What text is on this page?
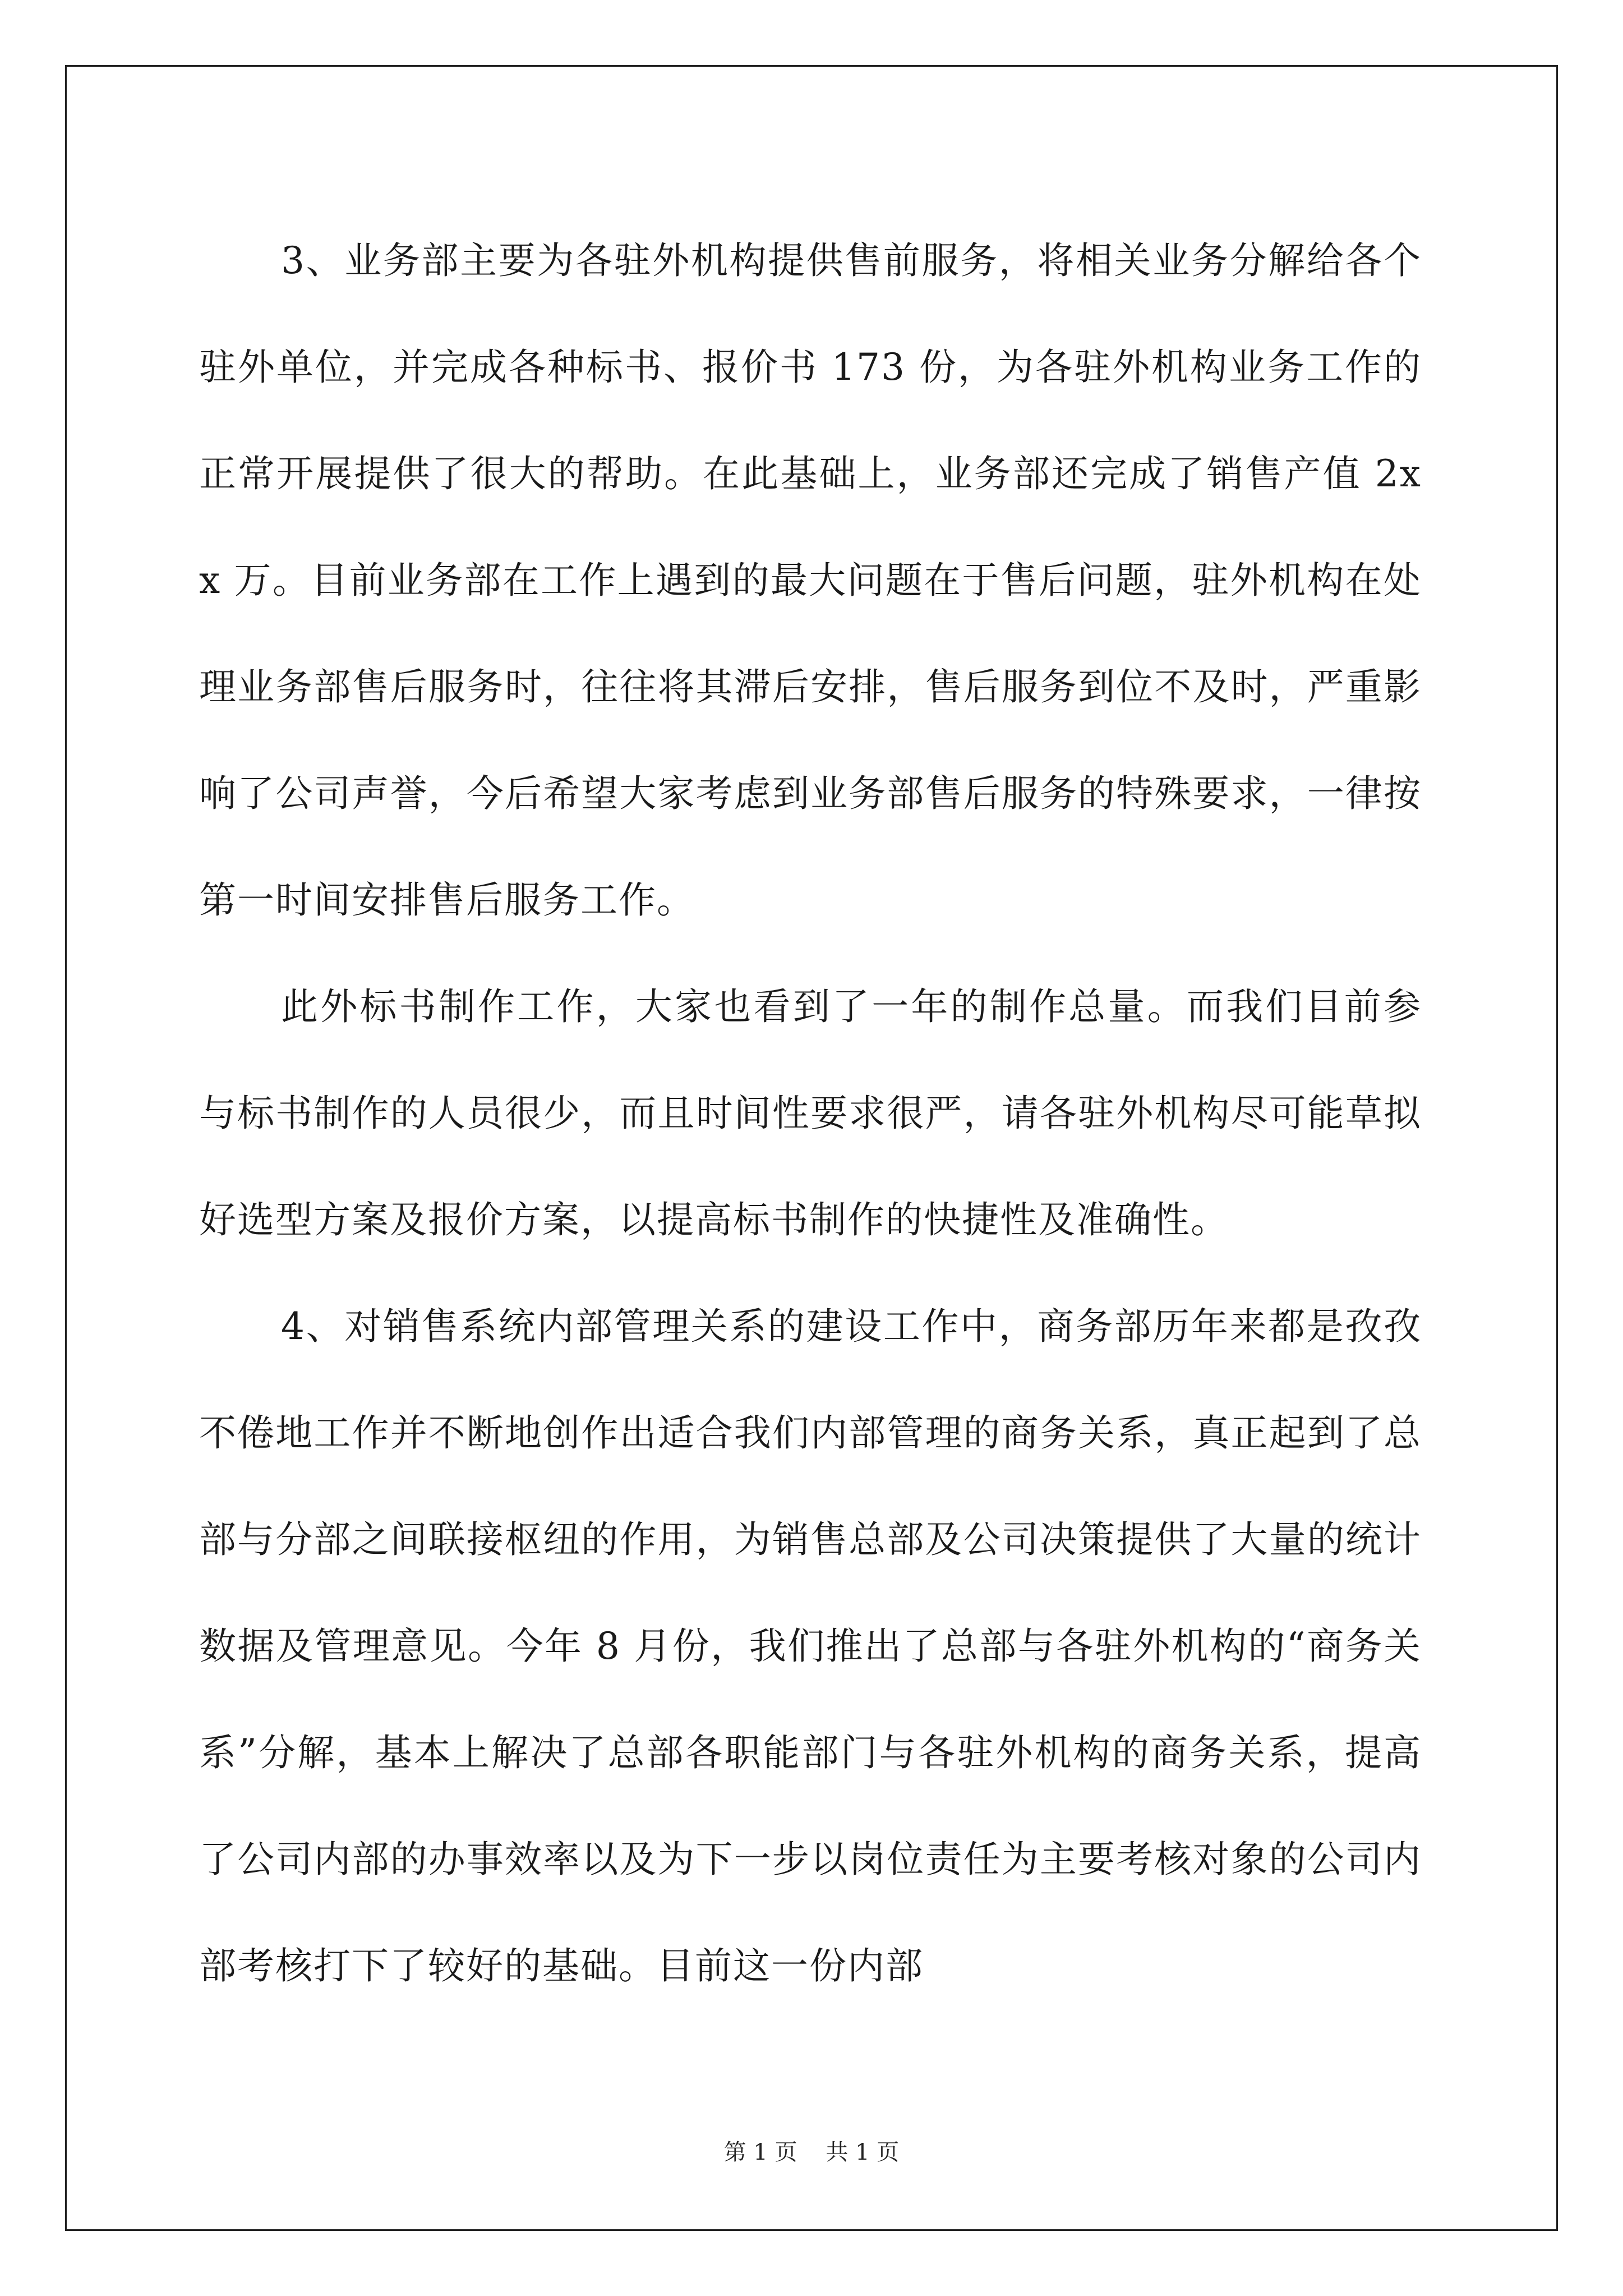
3、业务部主要为各驻外机构提供售前服务，将相关业务分解给各个驻外单位，并完成各种标书、报价书 173 份，为各驻外机构业务工作的正常开展提供了很大的帮助。在此基础上，业务部还完成了销售产值 2xx 万。目前业务部在工作上遇到的最大问题在于售后问题，驻外机构在处理业务部售后服务时，往往将其滞后安排，售后服务到位不及时，严重影响了公司声誉，今后希望大家考虑到业务部售后服务的特殊要求，一律按第一时间安排售后服务工作。

此外标书制作工作，大家也看到了一年的制作总量。而我们目前参与标书制作的人员很少，而且时间性要求很严，请各驻外机构尽可能草拟好选型方案及报价方案，以提高标书制作的快捷性及准确性。

4、对销售系统内部管理关系的建设工作中，商务部历年来都是孜孜不倦地工作并不断地创作出适合我们内部管理的商务关系，真正起到了总部与分部之间联接枢纽的作用，为销售总部及公司决策提供了大量的统计数据及管理意见。今年 8 月份，我们推出了总部与各驻外机构的“商务关系”分解，基本上解决了总部各职能部门与各驻外机构的商务关系，提高了公司内部的办事效率以及为下一步以岗位责任为主要考核对象的公司内部考核打下了较好的基础。目前这一份内部

第 1 页    共 1 页
